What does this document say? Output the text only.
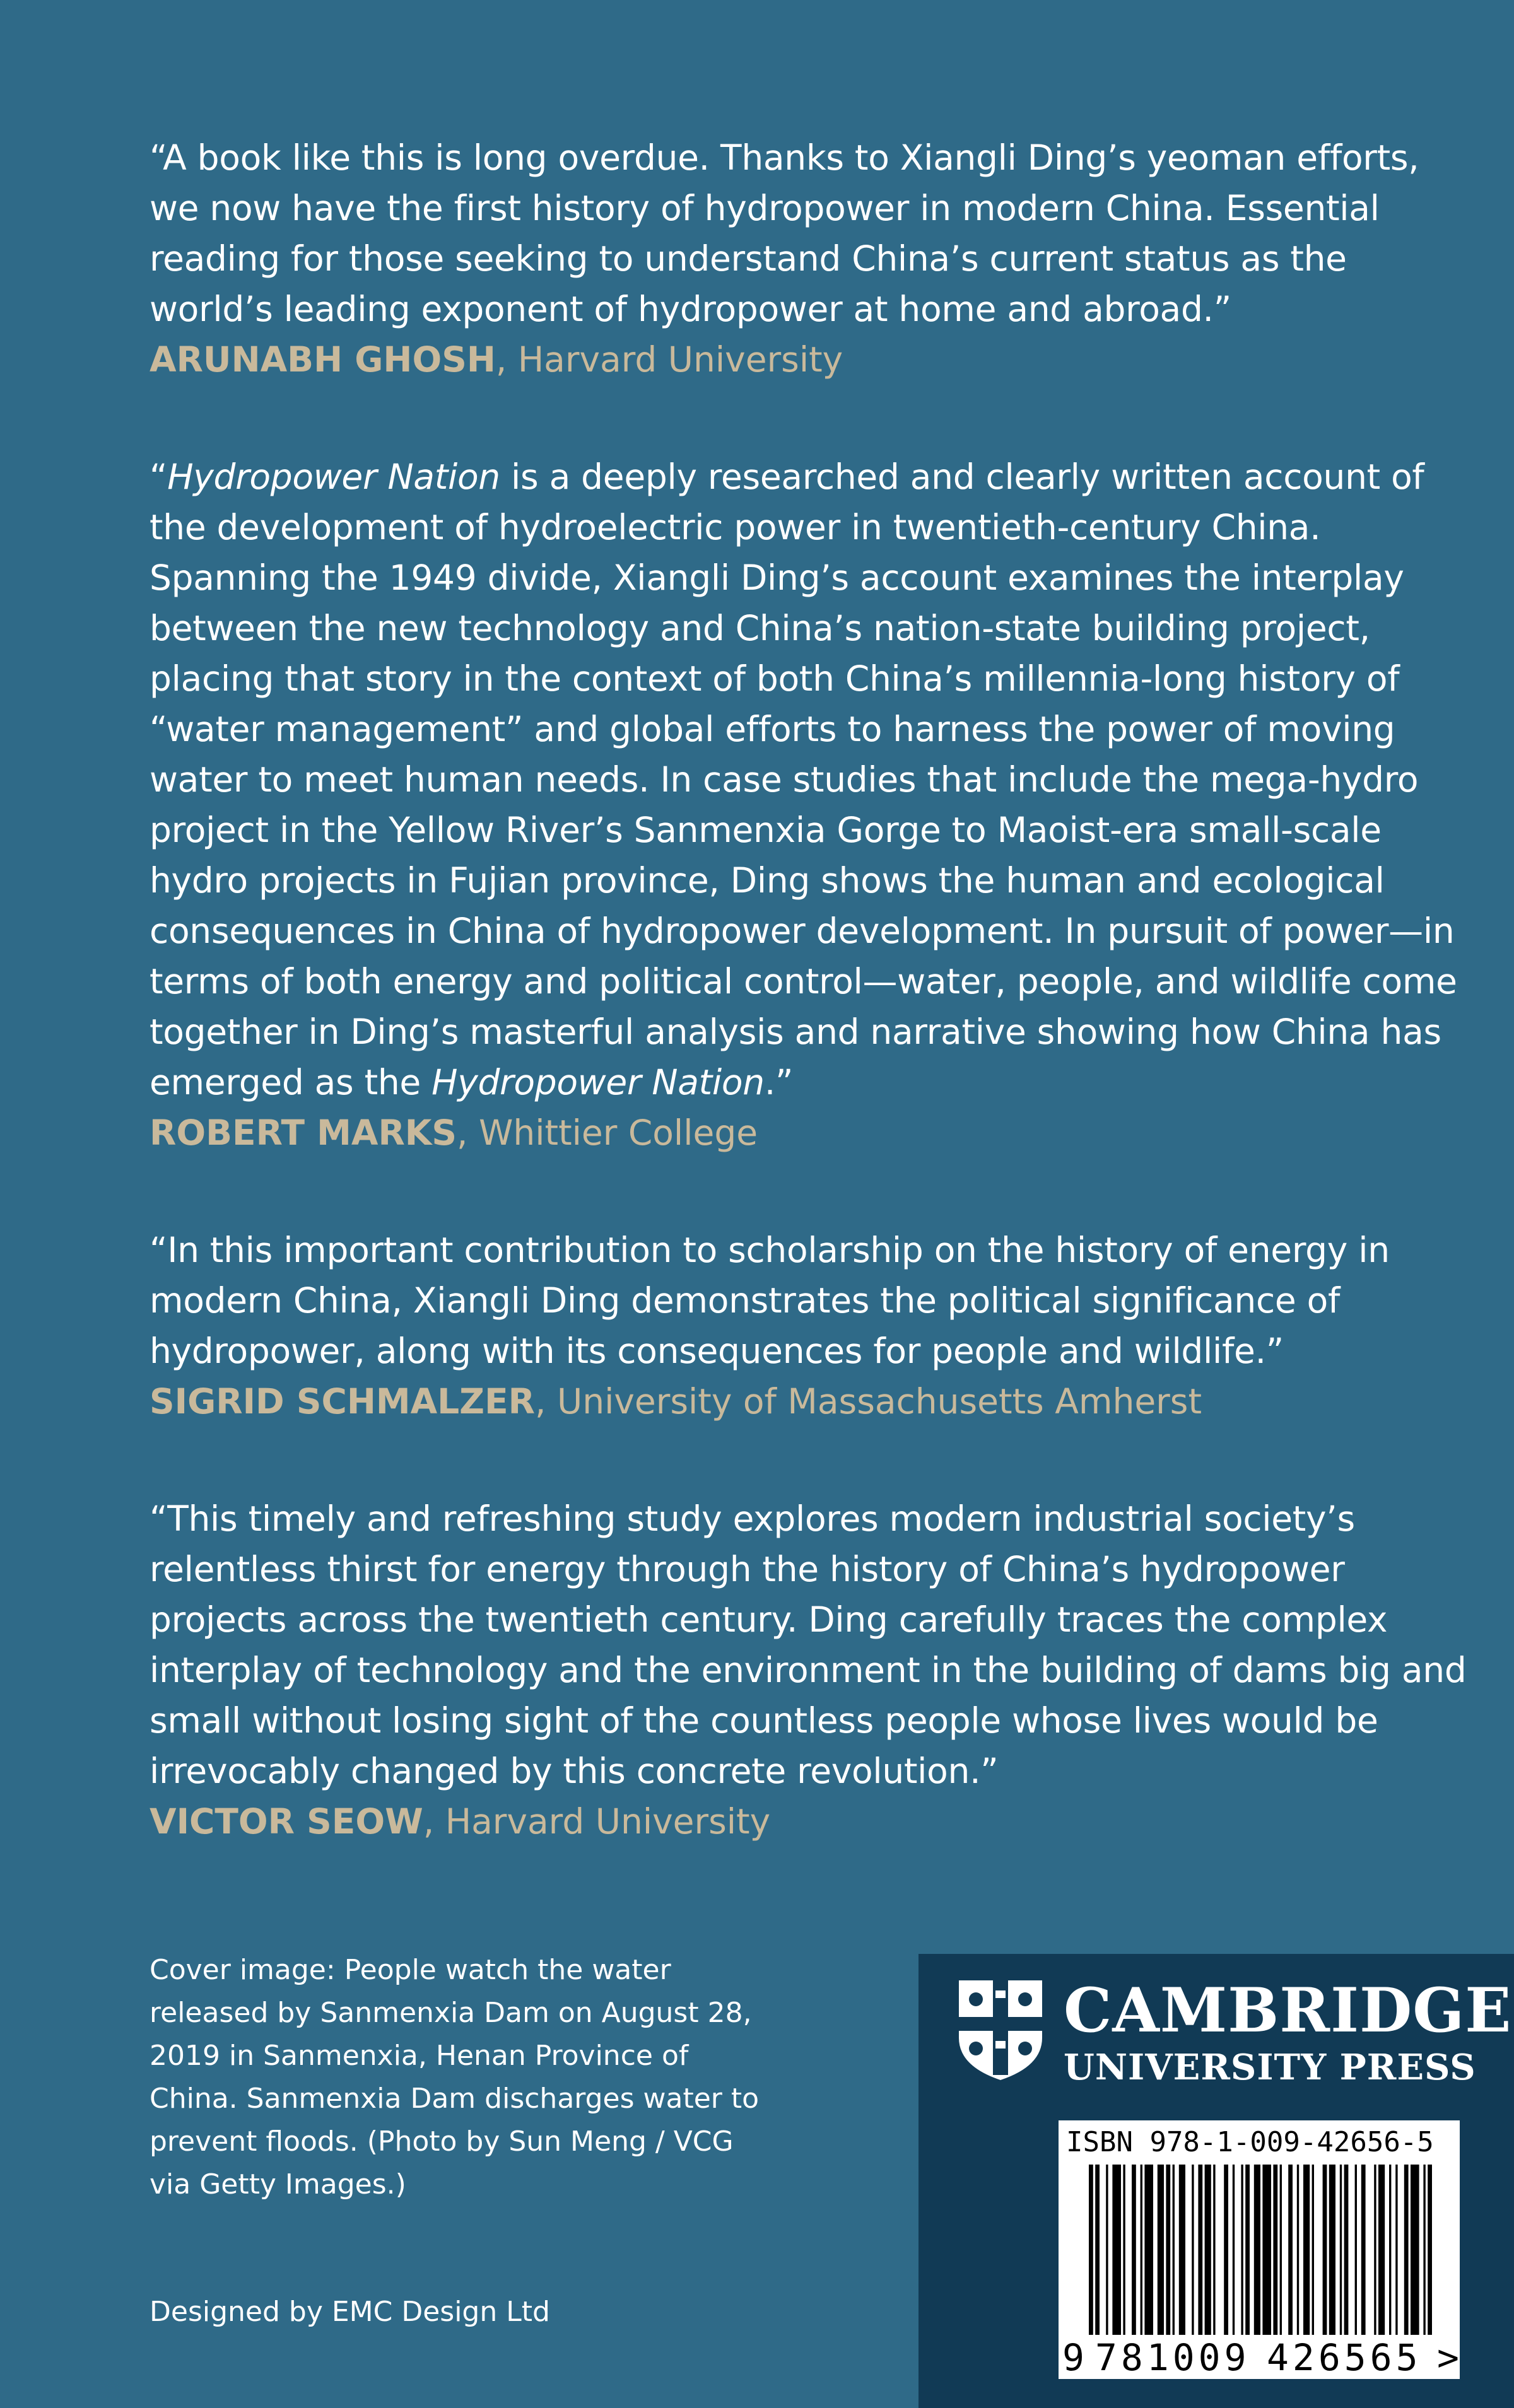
“A book like this is long overdue. Thanks to Xiangli Ding’s yeoman efforts, we now have the first history of hydropower in modern China. Essential reading for those seeking to understand China’s current status as the world’s leading exponent of hydropower at home and abroad.”

ARUNABH GHOSH, Harvard University

“Hydropower Nation is a deeply researched and clearly written account of the development of hydroelectric power in twentieth-century China. Spanning the 1949 divide, Xiangli Ding’s account examines the interplay between the new technology and China’s nation-state building project, placing that story in the context of both China’s millennia-long history of “water management” and global efforts to harness the power of moving water to meet human needs. In case studies that include the mega-hydro project in the Yellow River’s Sanmenxia Gorge to Maoist-era small-scale hydro projects in Fujian province, Ding shows the human and ecological consequences in China of hydropower development. In pursuit of power—in terms of both energy and political control—water, people, and wildlife come together in Ding’s masterful analysis and narrative showing how China has emerged as the Hydropower Nation.”

ROBERT MARKS, Whittier College

“In this important contribution to scholarship on the history of energy in modern China, Xiangli Ding demonstrates the political significance of hydropower, along with its consequences for people and wildlife.”

SIGRID SCHMALZER, University of Massachusetts Amherst

“This timely and refreshing study explores modern industrial society’s relentless thirst for energy through the history of China’s hydropower projects across the twentieth century. Ding carefully traces the complex interplay of technology and the environment in the building of dams big and small without losing sight of the countless people whose lives would be irrevocably changed by this concrete revolution.”

VICTOR SEOW, Harvard University

Cover image: People watch the water released by Sanmenxia Dam on August 28, 2019 in Sanmenxia, Henan Province of China. Sanmenxia Dam discharges water to prevent floods. (Photo by Sun Meng / VCG via Getty Images.)

Designed by EMC Design Ltd

CAMBRIDGE
UNIVERSITY PRESS
9 781009 426565 >
ISBN 978-1-009-42656-5
